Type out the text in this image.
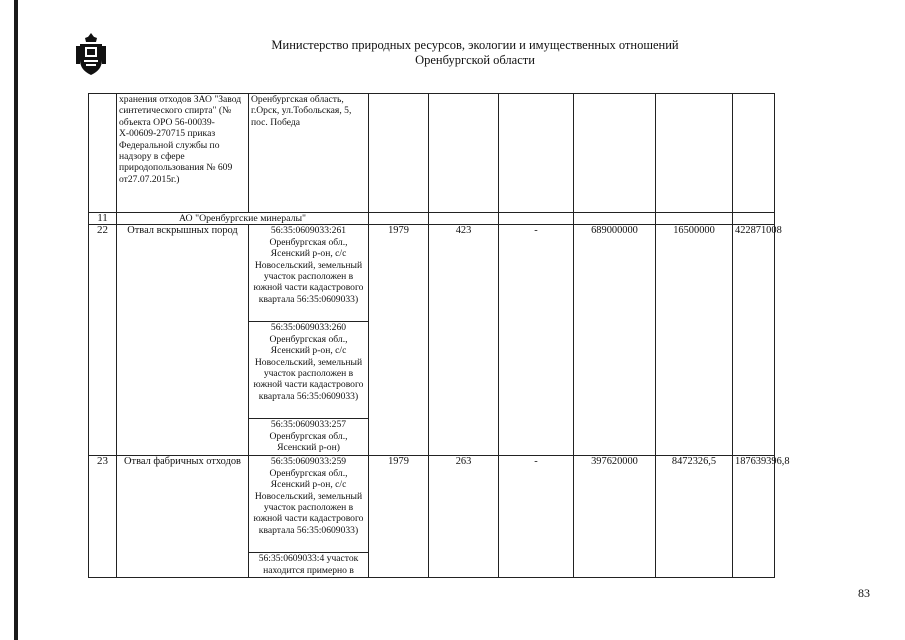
Министерство природных ресурсов, экологии и имущественных отношений
Оренбургской области
	хранения отходов ЗАО "Завод синтетического спирта" (№ объекта ОРО 56-00039-Х-00609-270715 приказ Федеральной службы по надзору в сфере природопользования № 609 от27.07.2015г.)	Оренбургская область, г.Орск, ул.Тобольская, 5, пос. Победа						
11	АО "Оренбургские минералы"							
22	Отвал вскрышных пород	56:35:0609033:261 Оренбургская обл., Ясенский р-он, с/с Новосельский, земельный участок расположен в южной части кадастрового квартала 56:35:0609033)	1979	423	-	689000000	16500000	422871008
		56:35:0609033:260 Оренбургская обл., Ясенский р-он, с/с Новосельский, земельный участок расположен в южной части кадастрового квартала 56:35:0609033)						
		56:35:0609033:257 Оренбургская обл., Ясенский р-он)						
23	Отвал фабричных отходов	56:35:0609033:259 Оренбургская обл., Ясенский р-он, с/с Новосельский, земельный участок расположен в южной части кадастрового квартала 56:35:0609033)	1979	263	-	397620000	8472326,5	187639396,8
		56:35:0609033:4 участок находится примерно в						
83
